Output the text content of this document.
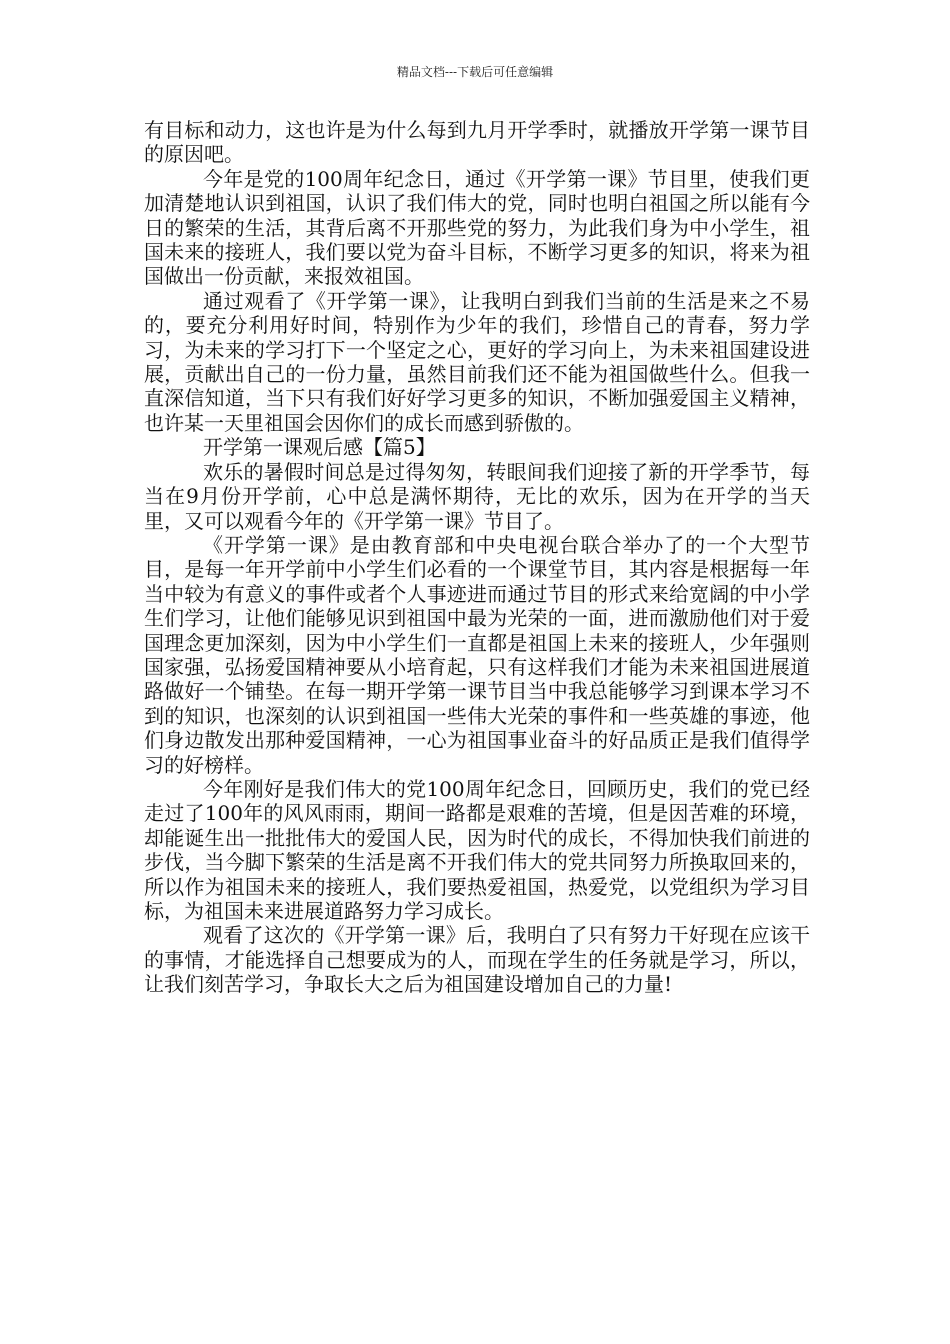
精品文档---下载后可任意编辑

有目标和动力，这也许是为什么每到九月开学季时，就播放开学第一课节目的原因吧。

今年是党的100周年纪念日，通过《开学第一课》节目里，使我们更加清楚地认识到祖国，认识了我们伟大的党，同时也明白祖国之所以能有今日的繁荣的生活，其背后离不开那些党的努力，为此我们身为中小学生，祖国未来的接班人，我们要以党为奋斗目标，不断学习更多的知识，将来为祖国做出一份贡献，来报效祖国。

通过观看了《开学第一课》，让我明白到我们当前的生活是来之不易的，要充分利用好时间，特别作为少年的我们，珍惜自己的青春，努力学习，为未来的学习打下一个坚定之心，更好的学习向上，为未来祖国建设进展，贡献出自己的一份力量，虽然目前我们还不能为祖国做些什么。但我一直深信知道，当下只有我们好好学习更多的知识，不断加强爱国主义精神，也许某一天里祖国会因你们的成长而感到骄傲的。

开学第一课观后感【篇5】

欢乐的暑假时间总是过得匆匆，转眼间我们迎接了新的开学季节，每当在9月份开学前，心中总是满怀期待，无比的欢乐，因为在开学的当天里，又可以观看今年的《开学第一课》节目了。

《开学第一课》是由教育部和中央电视台联合举办了的一个大型节目，是每一年开学前中小学生们必看的一个课堂节目，其内容是根据每一年当中较为有意义的事件或者个人事迹进而通过节目的形式来给宽阔的中小学生们学习，让他们能够见识到祖国中最为光荣的一面，进而激励他们对于爱国理念更加深刻，因为中小学生们一直都是祖国上未来的接班人，少年强则国家强，弘扬爱国精神要从小培育起，只有这样我们才能为未来祖国进展道路做好一个铺垫。在每一期开学第一课节目当中我总能够学习到课本学习不到的知识，也深刻的认识到祖国一些伟大光荣的事件和一些英雄的事迹，他们身边散发出那种爱国精神，一心为祖国事业奋斗的好品质正是我们值得学习的好榜样。

今年刚好是我们伟大的党100周年纪念日，回顾历史，我们的党已经走过了100年的风风雨雨，期间一路都是艰难的苦境，但是因苦难的环境，却能诞生出一批批伟大的爱国人民，因为时代的成长，不得加快我们前进的步伐，当今脚下繁荣的生活是离不开我们伟大的党共同努力所换取回来的，所以作为祖国未来的接班人，我们要热爱祖国，热爱党，以党组织为学习目标，为祖国未来进展道路努力学习成长。

观看了这次的《开学第一课》后，我明白了只有努力干好现在应该干的事情，才能选择自己想要成为的人，而现在学生的任务就是学习，所以，让我们刻苦学习，争取长大之后为祖国建设增加自己的力量!
